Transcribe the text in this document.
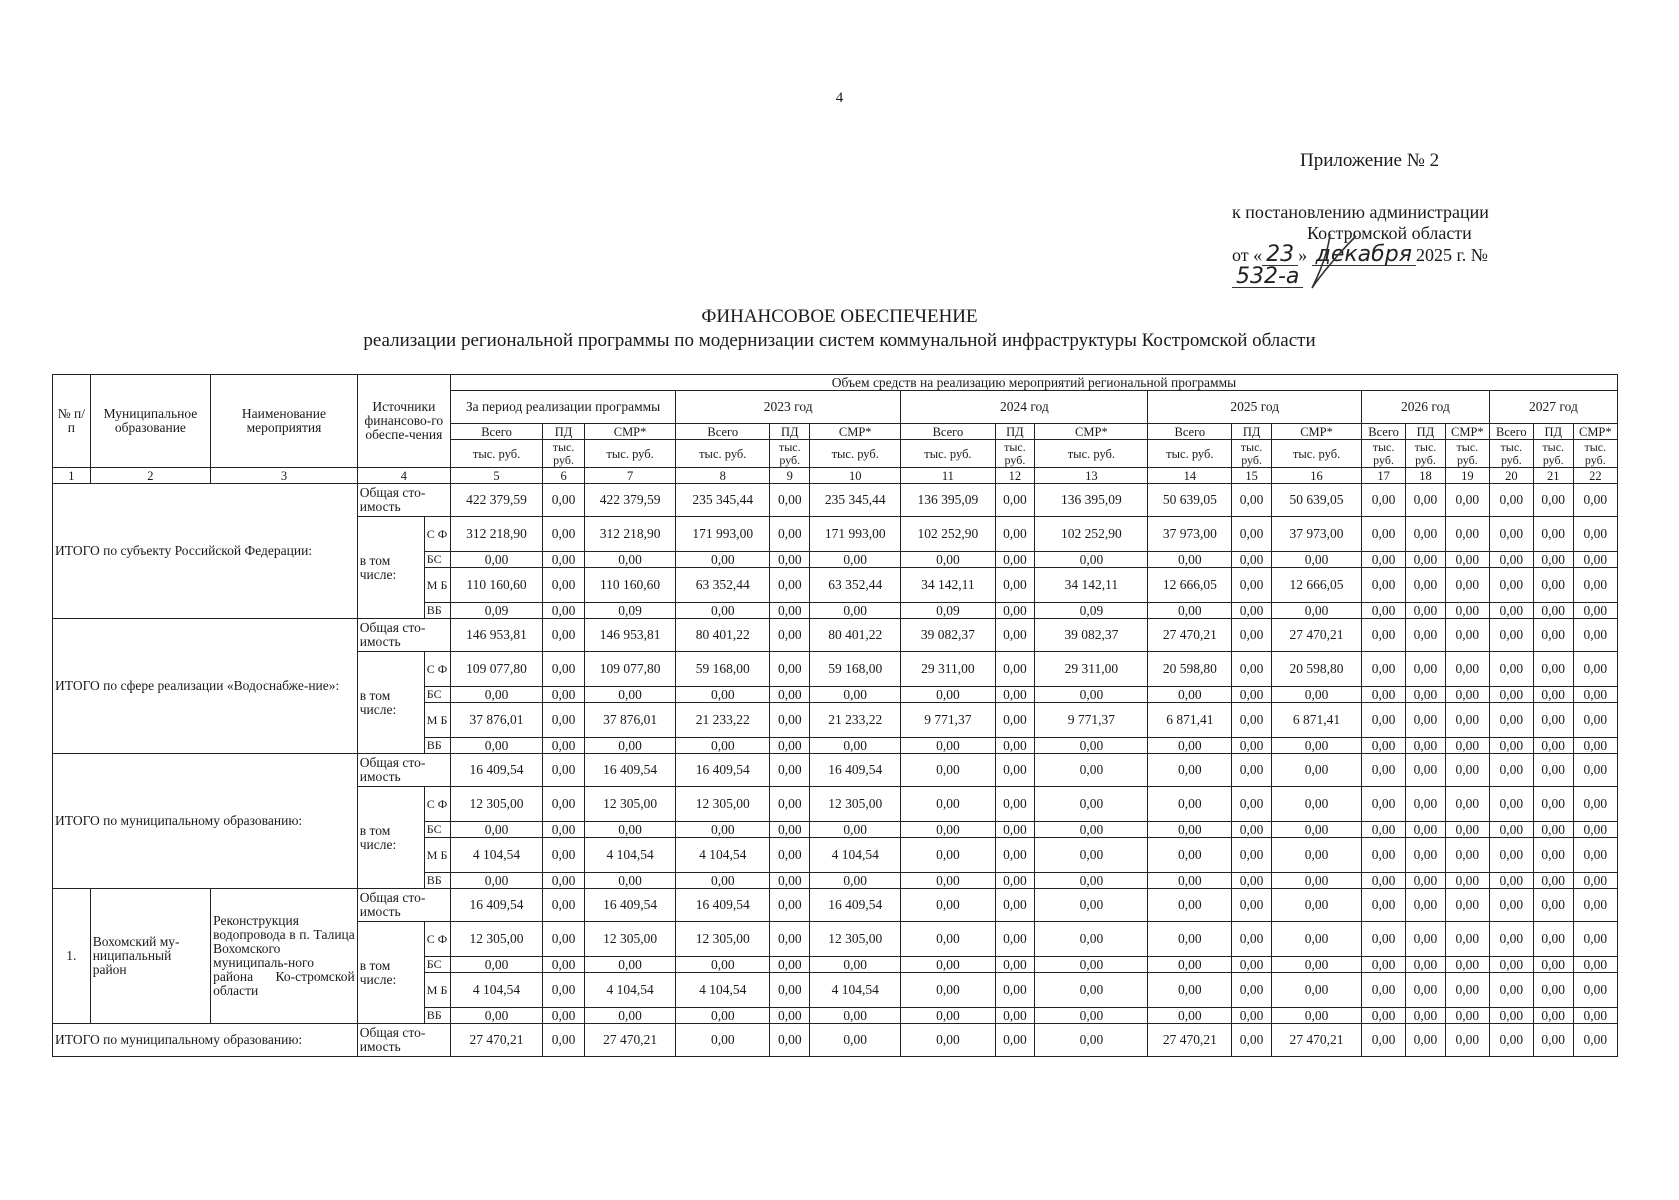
4
Приложение № 2
к постановлению администрации
Костромской области
от « 23 » декабря 2025 г. № 532-а
ФИНАНСОВОЕ ОБЕСПЕЧЕНИЕ
реализации региональной программы по модернизации систем коммунальной инфраструктуры Костромской области
№ п/п	Муниципальное образование	Наименование мероприятия	Источники финансово-го обеспе-чения		Объем средств на реализацию мероприятий региональной программы																	
					За период реализации программы			2023 год			2024 год			2025 год			2026 год			2027 год		
					Всего	ПД	СМР*	Всего	ПД	СМР*	Всего	ПД	СМР*	Всего	ПД	СМР*	Всего	ПД	СМР*	Всего	ПД	СМР*
					тыс. руб.	тыс. руб.	тыс. руб.	тыс. руб.	тыс. руб.	тыс. руб.	тыс. руб.	тыс. руб.	тыс. руб.	тыс. руб.	тыс. руб.	тыс. руб.	тыс. руб.	тыс. руб.	тыс. руб.	тыс. руб.	тыс. руб.	тыс. руб.
1	2	3	4		5	6	7	8	9	10	11	12	13	14	15	16	17	18	19	20	21	22
ИТОГО по субъекту Российской Федерации:			Общая сто-имость		422 379,59	0,00	422 379,59	235 345,44	0,00	235 345,44	136 395,09	0,00	136 395,09	50 639,05	0,00	50 639,05	0,00	0,00	0,00	0,00	0,00	0,00
			в том числе:	С Ф	312 218,90	0,00	312 218,90	171 993,00	0,00	171 993,00	102 252,90	0,00	102 252,90	37 973,00	0,00	37 973,00	0,00	0,00	0,00	0,00	0,00	0,00
				БС	0,00	0,00	0,00	0,00	0,00	0,00	0,00	0,00	0,00	0,00	0,00	0,00	0,00	0,00	0,00	0,00	0,00	0,00
				М Б	110 160,60	0,00	110 160,60	63 352,44	0,00	63 352,44	34 142,11	0,00	34 142,11	12 666,05	0,00	12 666,05	0,00	0,00	0,00	0,00	0,00	0,00
				ВБ	0,09	0,00	0,09	0,00	0,00	0,00	0,09	0,00	0,09	0,00	0,00	0,00	0,00	0,00	0,00	0,00	0,00	0,00
ИТОГО по сфере реализации «Водоснабже-ние»:			Общая сто-имость		146 953,81	0,00	146 953,81	80 401,22	0,00	80 401,22	39 082,37	0,00	39 082,37	27 470,21	0,00	27 470,21	0,00	0,00	0,00	0,00	0,00	0,00
			в том числе:	С Ф	109 077,80	0,00	109 077,80	59 168,00	0,00	59 168,00	29 311,00	0,00	29 311,00	20 598,80	0,00	20 598,80	0,00	0,00	0,00	0,00	0,00	0,00
				БС	0,00	0,00	0,00	0,00	0,00	0,00	0,00	0,00	0,00	0,00	0,00	0,00	0,00	0,00	0,00	0,00	0,00	0,00
				М Б	37 876,01	0,00	37 876,01	21 233,22	0,00	21 233,22	9 771,37	0,00	9 771,37	6 871,41	0,00	6 871,41	0,00	0,00	0,00	0,00	0,00	0,00
				ВБ	0,00	0,00	0,00	0,00	0,00	0,00	0,00	0,00	0,00	0,00	0,00	0,00	0,00	0,00	0,00	0,00	0,00	0,00
ИТОГО по муниципальному образованию:			Общая сто-имость		16 409,54	0,00	16 409,54	16 409,54	0,00	16 409,54	0,00	0,00	0,00	0,00	0,00	0,00	0,00	0,00	0,00	0,00	0,00	0,00
			в том числе:	С Ф	12 305,00	0,00	12 305,00	12 305,00	0,00	12 305,00	0,00	0,00	0,00	0,00	0,00	0,00	0,00	0,00	0,00	0,00	0,00	0,00
				БС	0,00	0,00	0,00	0,00	0,00	0,00	0,00	0,00	0,00	0,00	0,00	0,00	0,00	0,00	0,00	0,00	0,00	0,00
				М Б	4 104,54	0,00	4 104,54	4 104,54	0,00	4 104,54	0,00	0,00	0,00	0,00	0,00	0,00	0,00	0,00	0,00	0,00	0,00	0,00
				ВБ	0,00	0,00	0,00	0,00	0,00	0,00	0,00	0,00	0,00	0,00	0,00	0,00	0,00	0,00	0,00	0,00	0,00	0,00
1.	Вохомский му-ниципальный район	Реконструкция водопровода в п. Талица Вохомского муниципаль-ного района Ко-стромской области	Общая сто-имость		16 409,54	0,00	16 409,54	16 409,54	0,00	16 409,54	0,00	0,00	0,00	0,00	0,00	0,00	0,00	0,00	0,00	0,00	0,00	0,00
			в том числе:	С Ф	12 305,00	0,00	12 305,00	12 305,00	0,00	12 305,00	0,00	0,00	0,00	0,00	0,00	0,00	0,00	0,00	0,00	0,00	0,00	0,00
				БС	0,00	0,00	0,00	0,00	0,00	0,00	0,00	0,00	0,00	0,00	0,00	0,00	0,00	0,00	0,00	0,00	0,00	0,00
				М Б	4 104,54	0,00	4 104,54	4 104,54	0,00	4 104,54	0,00	0,00	0,00	0,00	0,00	0,00	0,00	0,00	0,00	0,00	0,00	0,00
				ВБ	0,00	0,00	0,00	0,00	0,00	0,00	0,00	0,00	0,00	0,00	0,00	0,00	0,00	0,00	0,00	0,00	0,00	0,00
ИТОГО по муниципальному образованию:			Общая сто-имость		27 470,21	0,00	27 470,21	0,00	0,00	0,00	0,00	0,00	0,00	27 470,21	0,00	27 470,21	0,00	0,00	0,00	0,00	0,00	0,00
